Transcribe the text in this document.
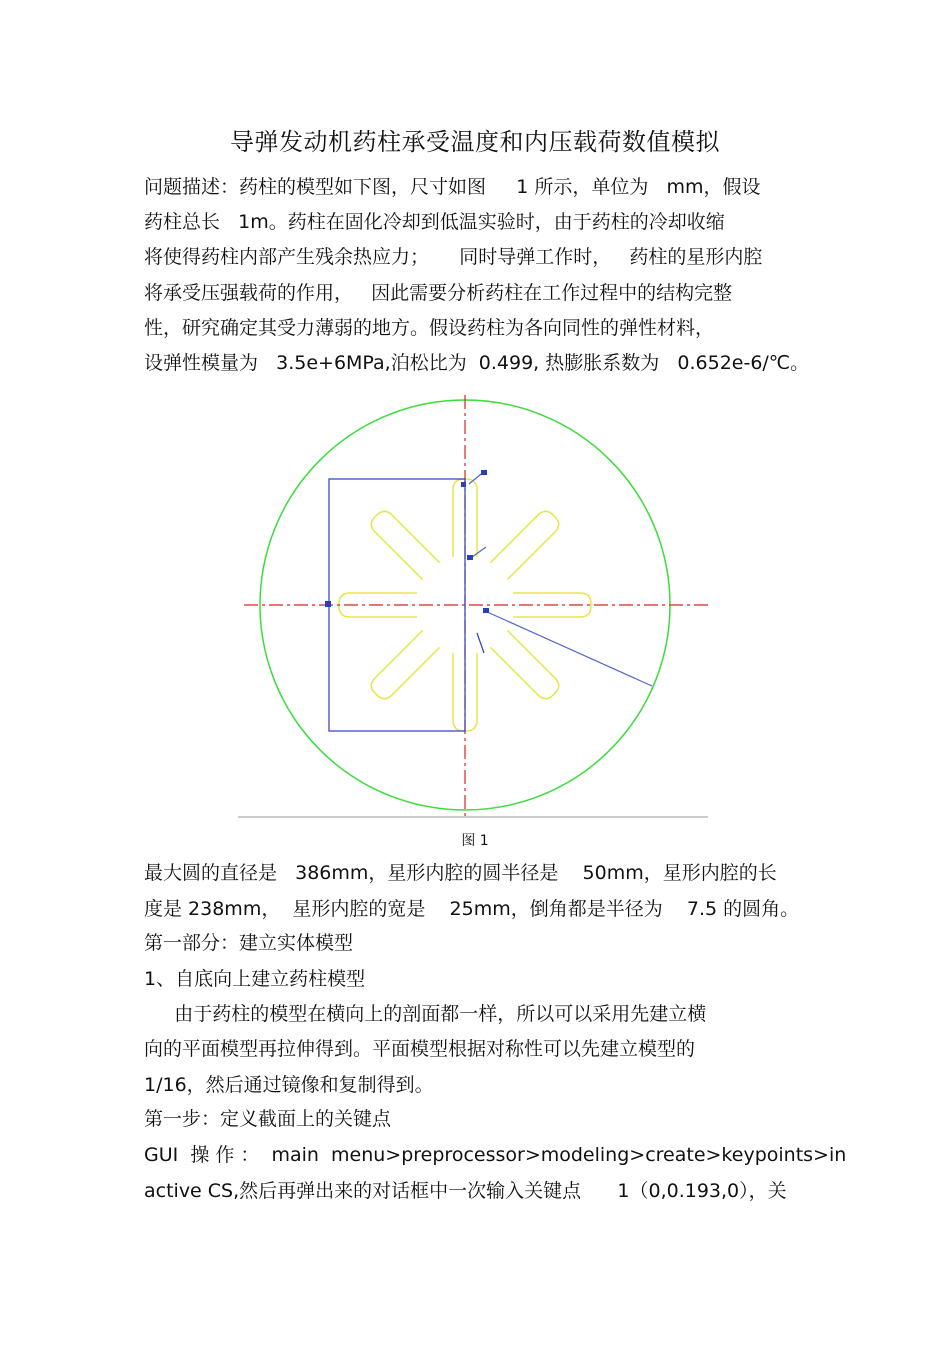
导弹发动机药柱承受温度和内压载荷数值模拟
问题描述：药柱的模型如下图，尺寸如图     1 所示，单位为   mm，假设
药柱总长   1m。药柱在固化冷却到低温实验时，由于药柱的冷却收缩
将使得药柱内部产生残余热应力；     同时导弹工作时，   药柱的星形内腔
将承受压强载荷的作用，   因此需要分析药柱在工作过程中的结构完整
性，研究确定其受力薄弱的地方。假设药柱为各向同性的弹性材料，
设弹性模量为   3.5e+6MPa,泊松比为  0.499, 热膨胀系数为   0.652e-6/℃。
图 1
最大圆的直径是   386mm，星形内腔的圆半径是    50mm，星形内腔的长
度是 238mm，  星形内腔的宽是    25mm，倒角都是半径为    7.5 的圆角。
第一部分：建立实体模型
1、自底向上建立药柱模型
由于药柱的模型在横向上的剖面都一样，所以可以采用先建立横
向的平面模型再拉伸得到。平面模型根据对称性可以先建立模型的
1/16，然后通过镜像和复制得到。
第一步：定义截面上的关键点
GUI  操 作 ：  main  menu>preprocessor>modeling>create>keypoints>in
active CS,然后再弹出来的对话框中一次输入关键点      1（0,0.193,0），关
